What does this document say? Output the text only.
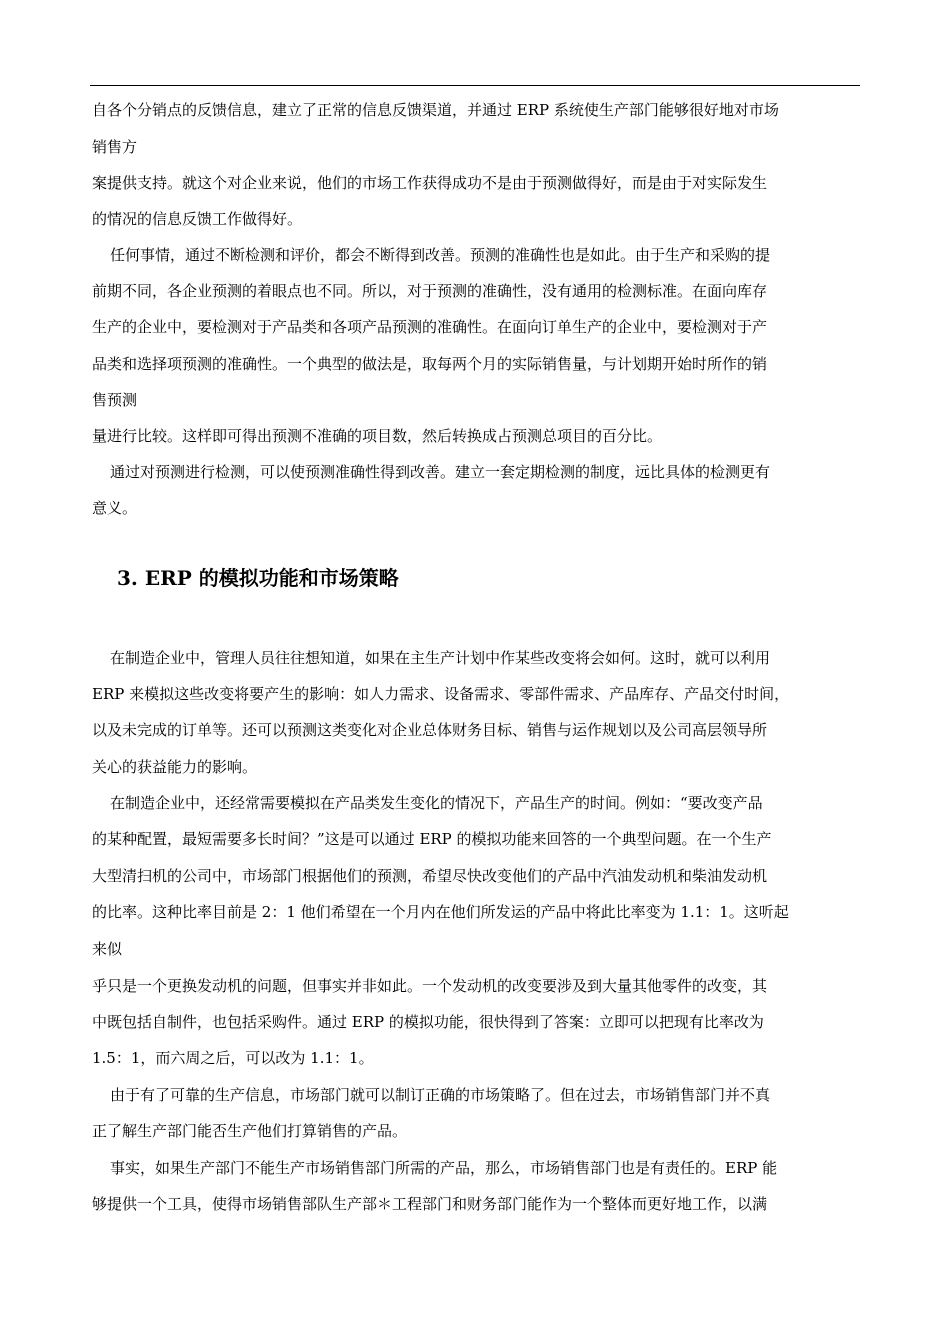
自各个分销点的反馈信息，建立了正常的信息反馈渠道，并通过 ERP 系统使生产部门能够很好地对市场
销售方
案提供支持。就这个对企业来说，他们的市场工作获得成功不是由于预测做得好，而是由于对实际发生
的情况的信息反馈工作做得好。
任何事情，通过不断检测和评价，都会不断得到改善。预测的准确性也是如此。由于生产和采购的提
前期不同，各企业预测的着眼点也不同。所以，对于预测的准确性，没有通用的检测标准。在面向库存
生产的企业中，要检测对于产品类和各项产品预测的准确性。在面向订单生产的企业中，要检测对于产
品类和选择项预测的准确性。一个典型的做法是，取每两个月的实际销售量，与计划期开始时所作的销
售预测
量进行比较。这样即可得出预测不准确的项目数，然后转换成占预测总项目的百分比。
通过对预测进行检测，可以使预测准确性得到改善。建立一套定期检测的制度，远比具体的检测更有
意义。
3. ERP 的模拟功能和市场策略
在制造企业中，管理人员往往想知道，如果在主生产计划中作某些改变将会如何。这时，就可以利用
ERP 来模拟这些改变将要产生的影响：如人力需求、设备需求、零部件需求、产品库存、产品交付时间，
以及未完成的订单等。还可以预测这类变化对企业总体财务目标、销售与运作规划以及公司高层领导所
关心的获益能力的影响。
在制造企业中，还经常需要模拟在产品类发生变化的情况下，产品生产的时间。例如：“要改变产品
的某种配置，最短需要多长时间？”这是可以通过 ERP 的模拟功能来回答的一个典型问题。在一个生产
大型清扫机的公司中，市场部门根据他们的预测，希望尽快改变他们的产品中汽油发动机和柴油发动机
的比率。这种比率目前是 2：1 他们希望在一个月内在他们所发运的产品中将此比率变为 1.1：1。这听起
来似
乎只是一个更换发动机的问题，但事实并非如此。一个发动机的改变要涉及到大量其他零件的改变，其
中既包括自制件，也包括采购件。通过 ERP 的模拟功能，很快得到了答案：立即可以把现有比率改为
1.5：1，而六周之后，可以改为 1.1：1。
由于有了可靠的生产信息，市场部门就可以制订正确的市场策略了。但在过去，市场销售部门并不真
正了解生产部门能否生产他们打算销售的产品。
事实，如果生产部门不能生产市场销售部门所需的产品，那么，市场销售部门也是有责任的。ERP 能
够提供一个工具，使得市场销售部队生产部＊工程部门和财务部门能作为一个整体而更好地工作，以满
